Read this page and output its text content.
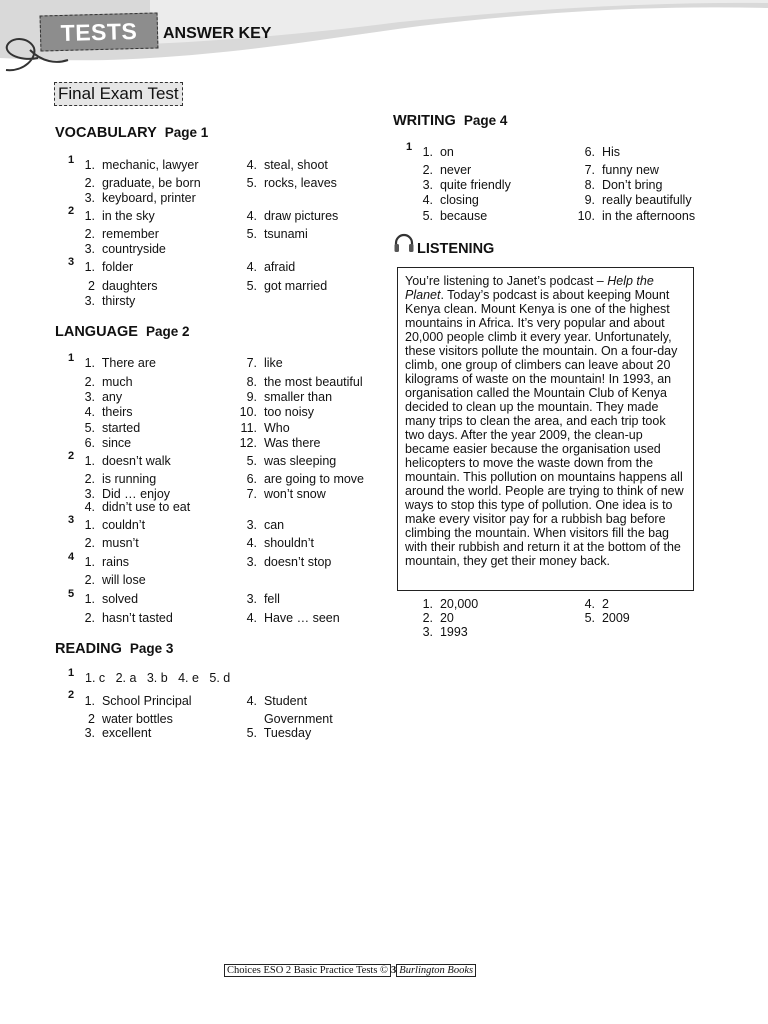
TESTS	ANSWER KEY
Final Exam Test
VOCABULARY Page 1
1 1. mechanic, lawyer	4. steal, shoot
2. graduate, be born	5. rocks, leaves
3. keyboard, printer
2 1. in the sky	4. draw pictures
2. remember	5. tsunami
3. countryside
3 1. folder	4. afraid
2 daughters	5. got married
3. thirsty
LANGUAGE Page 2
1 1. There are	7. like
2. much	8. the most beautiful
3. any	9. smaller than
4. theirs	10. too noisy
5. started	11. Who
6. since	12. Was there
2 1. doesn’t walk	5. was sleeping
2. is running	6. are going to move
3. Did … enjoy	7. won’t snow
4. didn’t use to eat
3 1. couldn’t	3. can
2. musn’t	4. shouldn’t
4 1. rains	3. doesn’t stop
2. will lose
5 1. solved	3. fell
2. hasn’t tasted	4. Have … seen
READING Page 3
1 1. c   2. a   3. b   4. e   5. d
2 1. School Principal	4. Student
Government
2 water bottles
3. excellent	5. Tuesday
WRITING Page 4
1 1. on	6. His
2. never	7. funny new
3. quite friendly	8. Don’t bring
4. closing	9. really beautifully
5. because	10. in the afternoons
LISTENING
You’re listening to Janet’s podcast – Help the Planet. Today’s podcast is about keeping Mount Kenya clean. Mount Kenya is one of the highest mountains in Africa. It’s very popular and about 20,000 people climb it every year. Unfortunately, these visitors pollute the mountain. On a four-day climb, one group of climbers can leave about 20 kilograms of waste on the mountain! In 1993, an organisation called the Mountain Club of Kenya decided to clean up the mountain. They made many trips to clean the area, and each trip took two days. After the year 2009, the clean-up became easier because the organisation used helicopters to move the waste down from the mountain. This pollution on mountains happens all around the world. People are trying to think of new ways to stop this type of pollution. One idea is to make every visitor pay for a rubbish bag before climbing the mountain. When visitors fill the bag with their rubbish and return it at the bottom of the mountain, they get their money back.
1. 20,000	4. 2
2. 20	5. 2009
3. 1993
Choices ESO 2 Basic Practice Tests © 3 Burlington Books
